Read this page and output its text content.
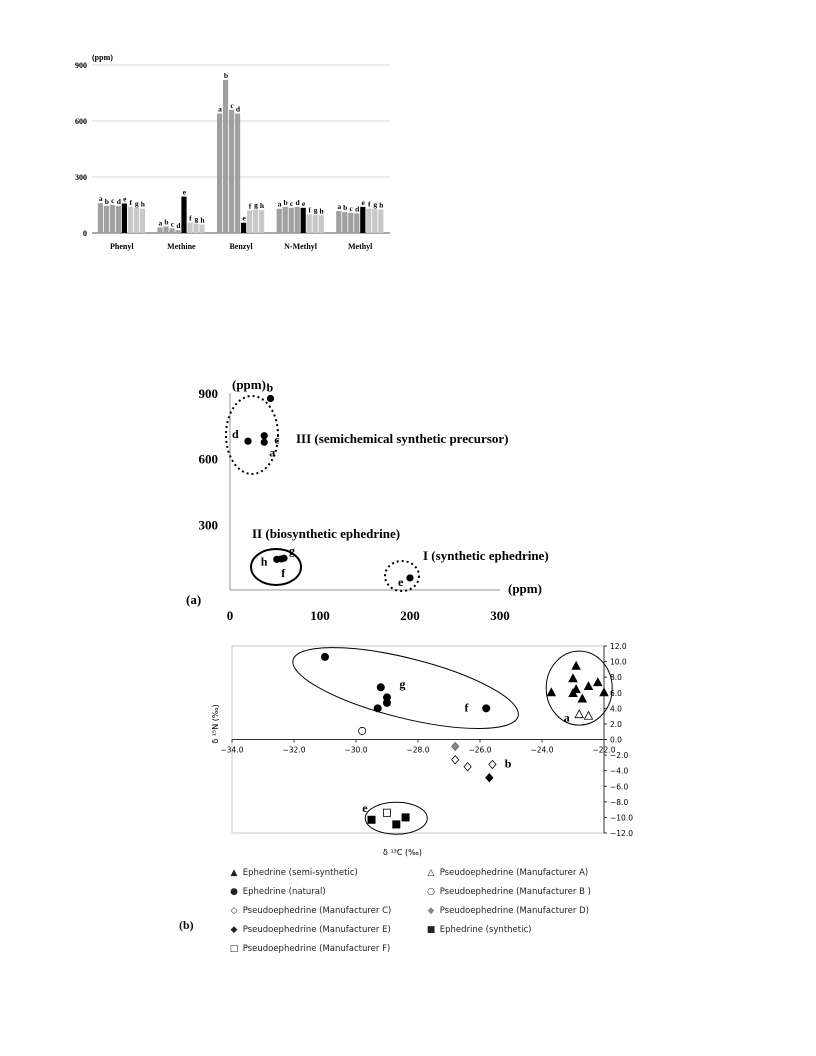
0
300
600
900
(ppm)
a b c d e f g h
Phenyl
a b c d
e
f g h
Methine
a
b
c d
e
f g h
Benzyl
a b c d e
f g h
N-Methyl
a b c d
e f g h
Methyl
300
600
900
0	100	200	300
(ppm)
(ppm)
(a)
III (semichemical synthetic precursor)
II (biosynthetic ephedrine)
I (synthetic ephedrine)
a
b
c
d
e
f
g
h
−34.0	−32.0	−30.0	−28.0	−26.0	−24.0	−22.0
12.0
10.0
8.0
6.0
4.0
2.0
0.0
−2.0
−4.0
−6.0
−8.0
−10.0
−12.0
δ ¹³C (‰)
δ ¹⁵N (‰)	a
b
e
f
g
▲ Ephedrine (semi-synthetic)	△ Pseudoephedrine (Manufacturer A)
● Ephedrine (natural)	○ Pseudoephedrine (Manufacturer B )
◇ Pseudoephedrine (Manufacturer C)	◆ Pseudoephedrine (Manufacturer D)
◆ Pseudoephedrine (Manufacturer E)	■ Ephedrine (synthetic)
□ Pseudoephedrine (Manufacturer F)
(b)
